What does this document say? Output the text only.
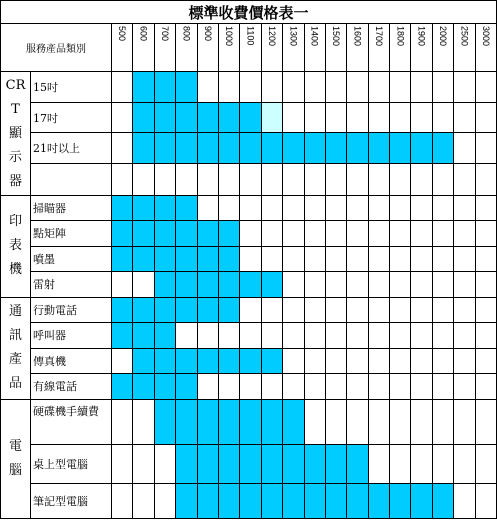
標準收費價格表一																			
服務產品類別		500	600	700	800	900	1000	1100	1200	1300	1400	1500	1600	1700	1800	1900	2000	2500	3000

CRT顯示器	15吋																		
	17吋																		
	21吋以上																		

印表機	掃瞄器																		
	點矩陣																		
	噴墨																		
	雷射																		

通訊產品	行動電話																		
	呼叫器																		
	傳真機																		
	有線電話																		

電腦	硬碟機手續費																		
	桌上型電腦																		
	筆記型電腦																		
